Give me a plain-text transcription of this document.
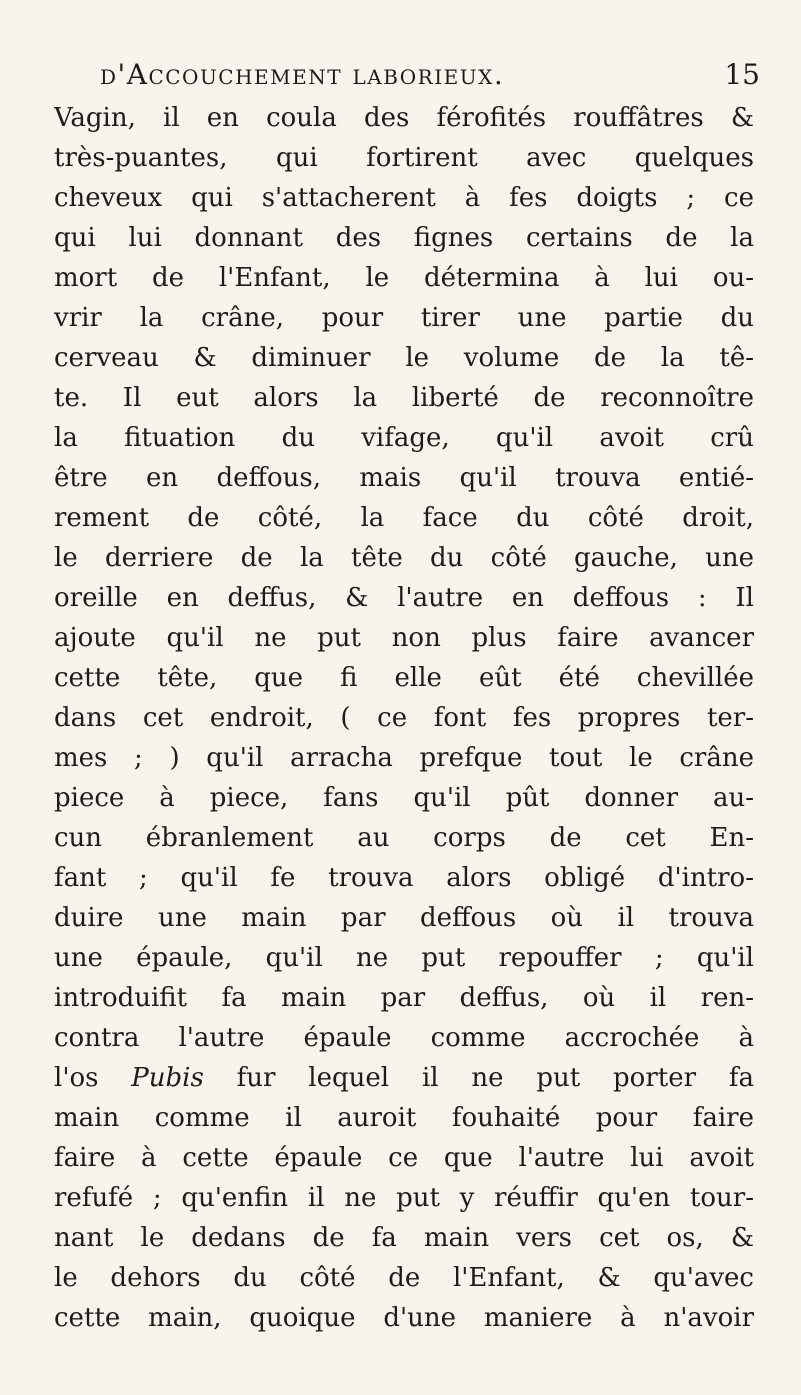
d'Accouchement laborieux.	15
Vagin, il en coula des férofités rouffâtres &
très-puantes, qui fortirent avec quelques
cheveux qui s'attacherent à fes doigts ; ce
qui lui donnant des fignes certains de la
mort de l'Enfant, le détermina à lui ou-
vrir la crâne, pour tirer une partie du
cerveau & diminuer le volume de la tê-
te. Il eut alors la liberté de reconnoître
la fituation du vifage, qu'il avoit crû
être en deffous, mais qu'il trouva entié-
rement de côté, la face du côté droit,
le derriere de la tête du côté gauche, une
oreille en deffus, & l'autre en deffous : Il
ajoute qu'il ne put non plus faire avancer
cette tête, que fi elle eût été chevillée
dans cet endroit, ( ce font fes propres ter-
mes ; ) qu'il arracha prefque tout le crâne
piece à piece, fans qu'il pût donner au-
cun ébranlement au corps de cet En-
fant ; qu'il fe trouva alors obligé d'intro-
duire une main par deffous où il trouva
une épaule, qu'il ne put repouffer ; qu'il
introduifit fa main par deffus, où il ren-
contra l'autre épaule comme accrochée à
l'os Pubis fur lequel il ne put porter fa
main comme il auroit fouhaité pour faire
faire à cette épaule ce que l'autre lui avoit
refufé ; qu'enfin il ne put y réuffir qu'en tour-
nant le dedans de fa main vers cet os, &
le dehors du côté de l'Enfant, & qu'avec
cette main, quoique d'une maniere à n'avoir
